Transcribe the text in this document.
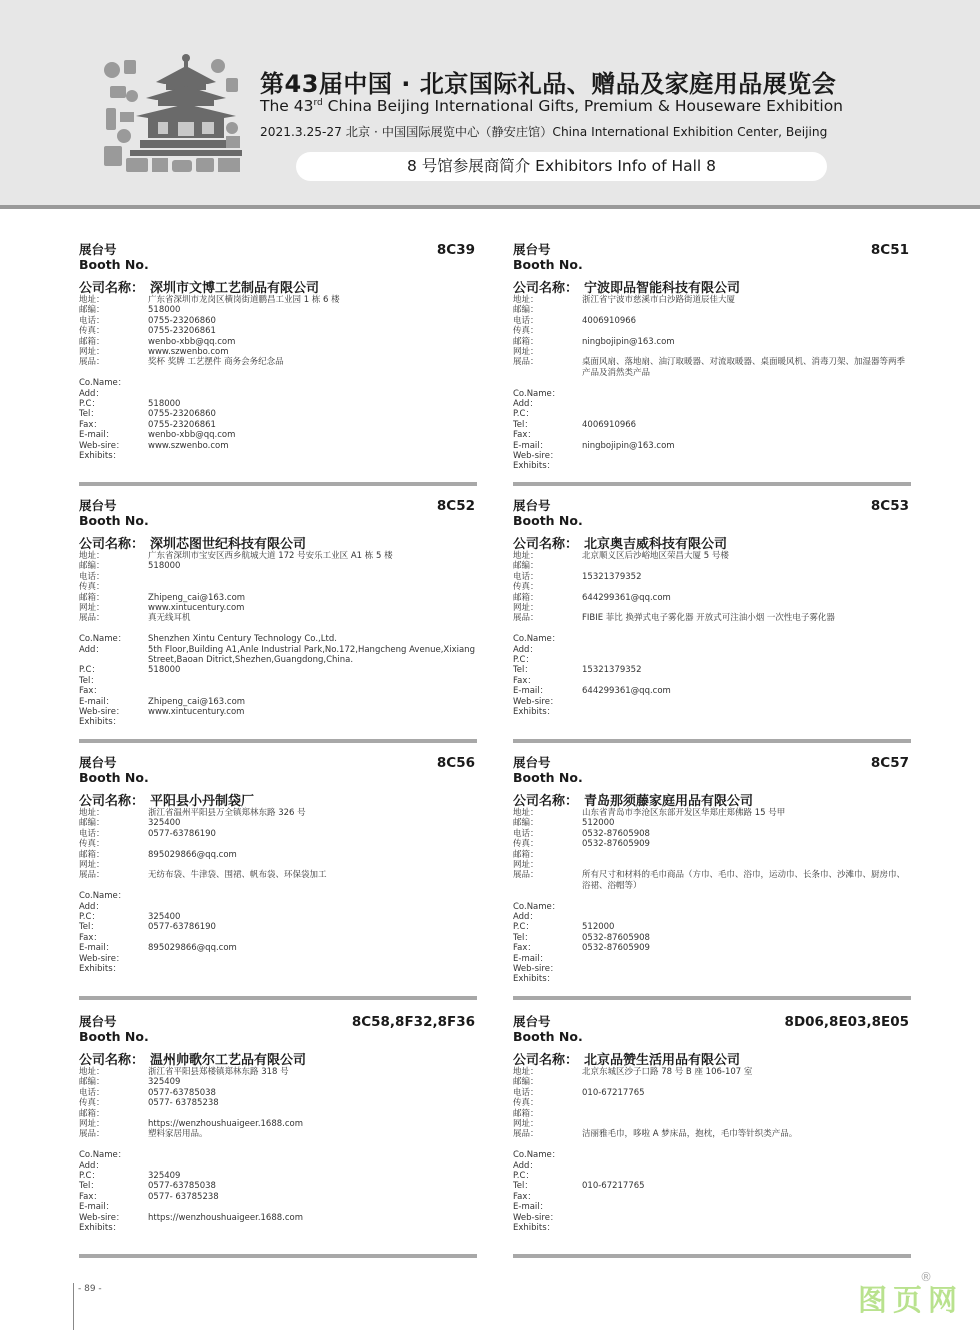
第43届中国 · 北京国际礼品、赠品及家庭用品展览会
The 43rd China Beijing International Gifts, Premium & Houseware Exhibition
2021.3.25-27 北京 · 中国国际展览中心（静安庄馆）China International Exhibition Center, Beijing
8 号馆参展商简介 Exhibitors Info of Hall 8
展台号
Booth No.
8C39
公司名称： 深圳市文博工艺制品有限公司
地址：	广东省深圳市龙岗区横岗街道鹏昌工业园 1 栋 6 楼
邮编：	518000
电话：	0755-23206860
传真：	0755-23206861
邮箱：	wenbo-xbb@qq.com
网址：	www.szwenbo.com
展品：	奖杯 奖牌 工艺摆件 商务会务纪念品
Co.Name：
Add：
P.C：	518000
Tel：	0755-23206860
Fax：	0755-23206861
E-mail：	wenbo-xbb@qq.com
Web-sire：	www.szwenbo.com
Exhibits：
展台号
Booth No.
8C51
公司名称： 宁波即品智能科技有限公司
地址：	浙江省宁波市慈溪市白沙路街道辰佳大厦
邮编：
电话：	4006910966
传真：
邮箱：	ningbojipin@163.com
网址：
展品：	桌面风扇、落地扇、油汀取暖器、对流取暖器、桌面暖风机、消毒刀架、加湿器等两季产品及消然类产品
Co.Name：
Add：
P.C：
Tel：	4006910966
Fax：
E-mail：	ningbojipin@163.com
Web-sire：
Exhibits：
展台号
Booth No.
8C52
公司名称： 深圳芯图世纪科技有限公司
地址：	广东省深圳市宝安区西乡航城大道 172 号安乐工业区 A1 栋 5 楼
邮编：	518000
电话：
传真：
邮箱：	Zhipeng_cai@163.com
网址：	www.xintucentury.com
展品：	真无线耳机
Co.Name：	Shenzhen Xintu Century Technology Co.,Ltd.
Add：	5th Floor,Building A1,Anle Industrial Park,No.172,Hangcheng Avenue,Xixiang Street,Baoan Ditrict,Shezhen,Guangdong,China.
P.C：	518000
Tel：
Fax：
E-mail：	Zhipeng_cai@163.com
Web-sire：	www.xintucentury.com
Exhibits：
展台号
Booth No.
8C53
公司名称： 北京奥吉威科技有限公司
地址：	北京顺义区后沙峪地区荣昌大厦 5 号楼
邮编：
电话：	15321379352
传真：
邮箱：	644299361@qq.com
网址：
展品：	FIBIE 菲比 换弹式电子雾化器 开放式可注油小烟 一次性电子雾化器
Co.Name：
Add：
P.C：
Tel：	15321379352
Fax：
E-mail：	644299361@qq.com
Web-sire：
Exhibits：
展台号
Booth No.
8C56
公司名称： 平阳县小丹制袋厂
地址：	浙江省温州平阳县万全镇郑林东路 326 号
邮编：	325400
电话：	0577-63786190
传真：
邮箱：	895029866@qq.com
网址：
展品：	无纺布袋、牛津袋、围裙、帆布袋、环保袋加工
Co.Name：
Add：
P.C：	325400
Tel：	0577-63786190
Fax：
E-mail：	895029866@qq.com
Web-sire：
Exhibits：
展台号
Booth No.
8C57
公司名称： 青岛那须藤家庭用品有限公司
地址：	山东省青岛市李沧区东部开发区华郑庄郑佛路 15 号甲
邮编：	512000
电话：	0532-87605908
传真：	0532-87605909
邮箱：
网址：
展品：	所有尺寸和材料的毛巾商品（方巾、毛巾、浴巾，运动巾、长条巾、沙滩巾、厨房巾、浴裙、浴帽等）
Co.Name：
Add：
P.C：	512000
Tel：	0532-87605908
Fax：	0532-87605909
E-mail：
Web-sire：
Exhibits：
展台号
Booth No.
8C58,8F32,8F36
公司名称： 温州帅歌尔工艺品有限公司
地址：	浙江省平阳县郑楼镇郑林东路 318 号
邮编：	325409
电话：	0577-63785038
传真：	0577- 63785238
邮箱：
网址：	https://wenzhoushuaigeer.1688.com
展品：	塑料家居用品。
Co.Name：
Add：
P.C：	325409
Tel：	0577-63785038
Fax：	0577- 63785238
E-mail：
Web-sire：	https://wenzhoushuaigeer.1688.com
Exhibits：
展台号
Booth No.
8D06,8E03,8E05
公司名称： 北京品赞生活用品有限公司
地址：	北京东城区沙子口路 78 号 B 座 106-107 室
邮编：
电话：	010-67217765
传真：
邮箱：
网址：
展品：	洁丽雅毛巾，哆啦 A 梦床品，抱枕，毛巾等针织类产品。
Co.Name：
Add：
P.C：
Tel：	010-67217765
Fax：
E-mail：
Web-sire：
Exhibits：
- 89 -	图页网
®
